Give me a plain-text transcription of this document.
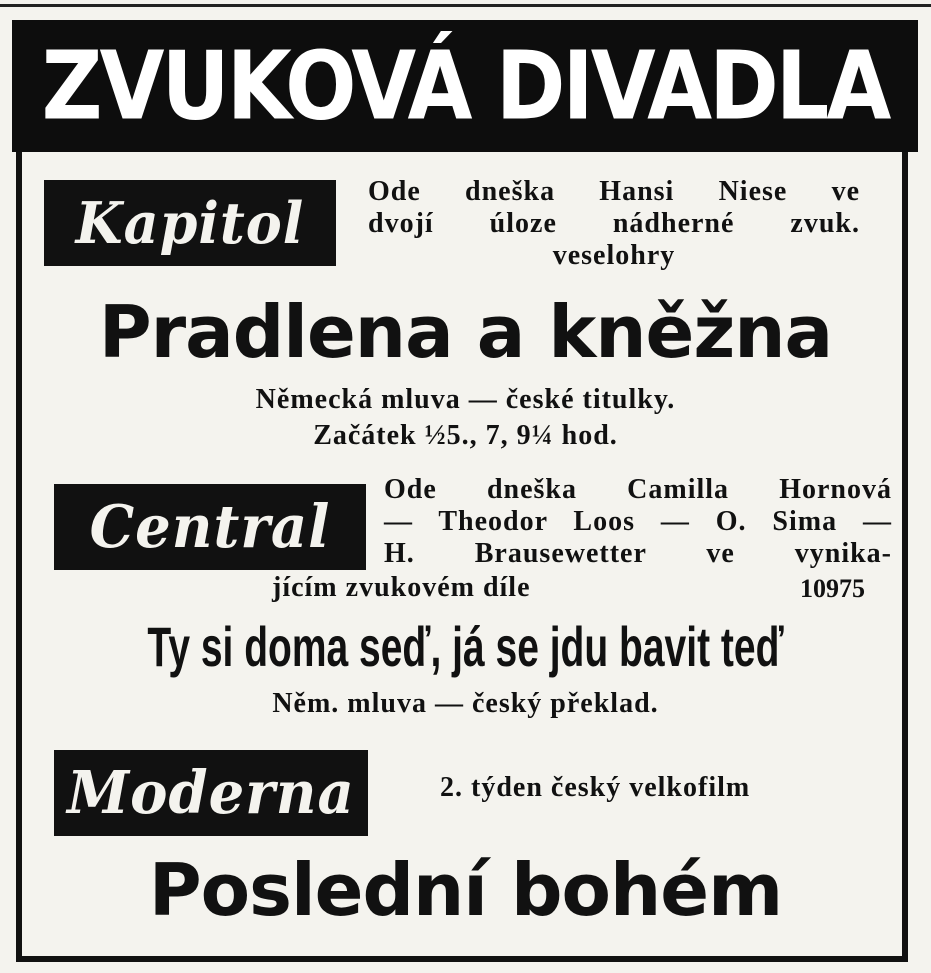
ZVUKOVÁ DIVADLA
Kapitol Ode dneška Hansi Niese ve
dvojí úloze nádherné zvuk.
veselohry
Pradlena a kněžna
Německá mluva — české titulky.
Začátek ½5., 7, 9¼ hod.
Central
Ode dneška Camilla Hornová
— Theodor Loos — O. Sima —
H. Brausewetter ve vynika-
jícím zvukovém díle	10975
Ty si doma seď, já se jdu bavit teď
Něm. mluva — český překlad.
Moderna	2. týden český velkofilm
Poslední bohém
